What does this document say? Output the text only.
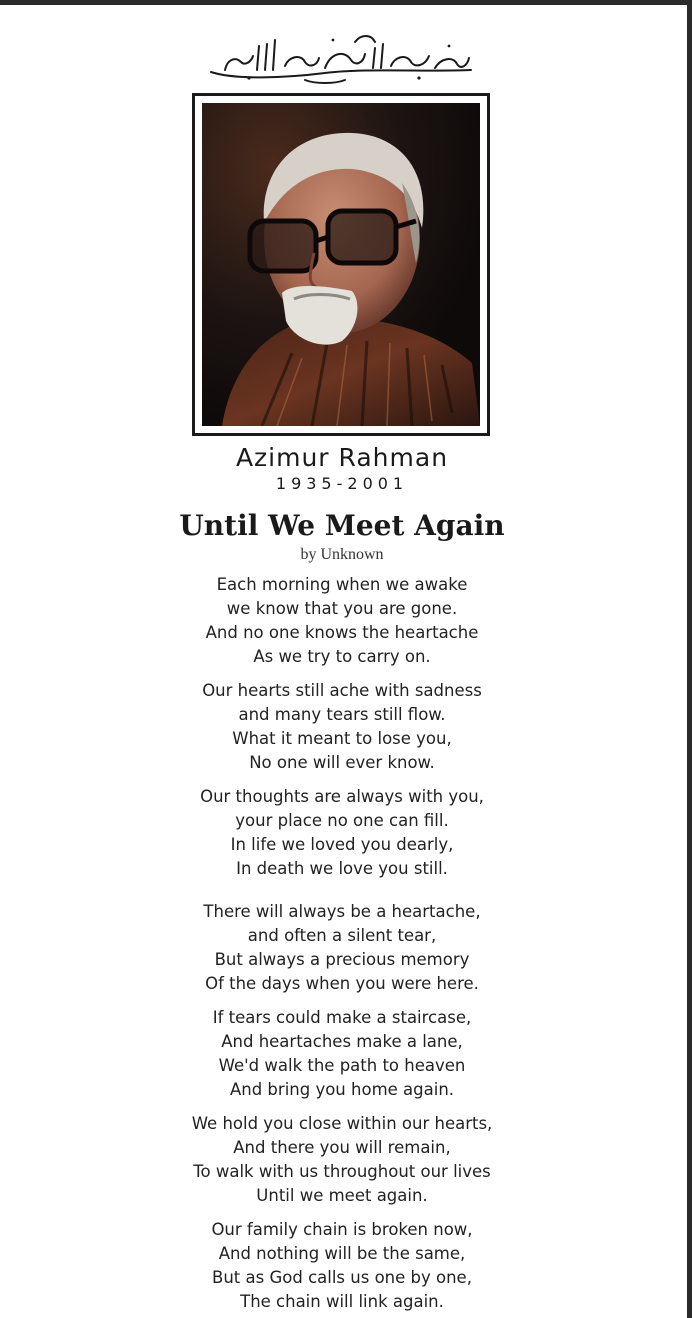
Azimur Rahman
1935-2001
Until We Meet Again
by Unknown
Each morning when we awake
we know that you are gone.
And no one knows the heartache
As we try to carry on.
Our hearts still ache with sadness
and many tears still flow.
What it meant to lose you,
No one will ever know.
Our thoughts are always with you,
your place no one can fill.
In life we loved you dearly,
In death we love you still.
There will always be a heartache,
and often a silent tear,
But always a precious memory
Of the days when you were here.
If tears could make a staircase,
And heartaches make a lane,
We'd walk the path to heaven
And bring you home again.
We hold you close within our hearts,
And there you will remain,
To walk with us throughout our lives
Until we meet again.
Our family chain is broken now,
And nothing will be the same,
But as God calls us one by one,
The chain will link again.
